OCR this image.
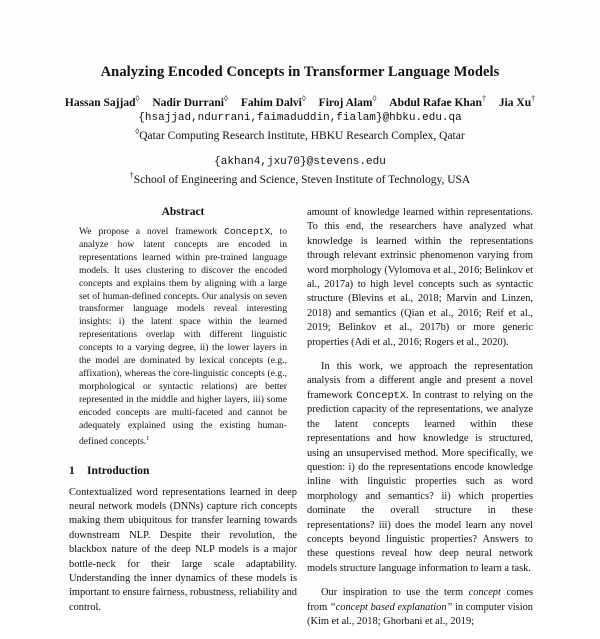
Analyzing Encoded Concepts in Transformer Language Models
Hassan Sajjad◊ Nadir Durrani◊ Fahim Dalvi◊ Firoj Alam◊ Abdul Rafae Khan† Jia Xu†
{hsajjad,ndurrani,faimaduddin,fialam}@hbku.edu.qa
◊Qatar Computing Research Institute, HBKU Research Complex, Qatar
{akhan4,jxu70}@stevens.edu
†School of Engineering and Science, Steven Institute of Technology, USA
Abstract
We propose a novel framework ConceptX, to analyze how latent concepts are encoded in representations learned within pre-trained language models. It uses clustering to discover the encoded concepts and explains them by aligning with a large set of human-defined concepts. Our analysis on seven transformer language models reveal interesting insights: i) the latent space within the learned representations overlap with different linguistic concepts to a varying degree, ii) the lower layers in the model are dominated by lexical concepts (e.g., affixation), whereas the core-linguistic concepts (e.g., morphological or syntactic relations) are better represented in the middle and higher layers, iii) some encoded concepts are multi-faceted and cannot be adequately explained using the existing human-defined concepts.$^1$
1 Introduction
Contextualized word representations learned in deep neural network models (DNNs) capture rich concepts making them ubiquitous for transfer learning towards downstream NLP. Despite their revolution, the blackbox nature of the deep NLP models is a major bottle-neck for their large scale adaptability. Understanding the inner dynamics of these models is important to ensure fairness, robustness, reliability and control.

amount of knowledge learned within representations. To this end, the researchers have analyzed what knowledge is learned within the representations through relevant extrinsic phenomenon varying from word morphology (Vylomova et al., 2016; Belinkov et al., 2017a) to high level concepts such as syntactic structure (Blevins et al., 2018; Marvin and Linzen, 2018) and semantics (Qian et al., 2016; Reif et al., 2019; Belinkov et al., 2017b) or more generic properties (Adi et al., 2016; Rogers et al., 2020).

In this work, we approach the representation analysis from a different angle and present a novel framework ConceptX. In contrast to relying on the prediction capacity of the representations, we analyze the latent concepts learned within these representations and how knowledge is structured, using an unsupervised method. More specifically, we question: i) do the representations encode knowledge inline with linguistic properties such as word morphology and semantics? ii) which properties dominate the overall structure in these representations? iii) does the model learn any novel concepts beyond linguistic properties? Answers to these questions reveal how deep neural network models structure language information to learn a task.

Our inspiration to use the term concept comes from “concept based explanation” in computer vision (Kim et al., 2018; Ghorbani et al., 2019;
